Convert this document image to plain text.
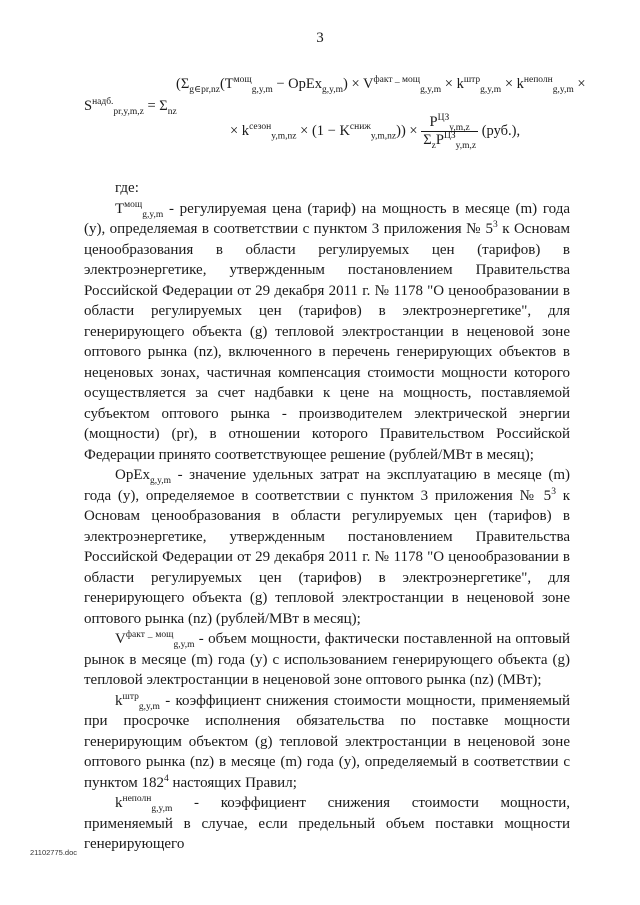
3
$S^{надб.}_{pr,y,m,z} = \Sigma_{nz}$
($\Sigma_{g\in pr,nz}(T^{мощ}_{g,y,m}$ − OpEx$_{g,y,m}$) × $V^{факт \_ мощ}_{g,y,m} \times k^{штр}_{g,y,m} \times k^{неполн}_{g,y,m}$ ×
× $k^{сезон}_{y,m,nz} \times (1 - K^{сниж}_{y,m,nz})) \times \frac{P^{ЦЗ}_{y,m,z}}{\Sigma_zP^{ЦЗ}_{y,m,z}} (руб.)$,

где:

$T^{мощ}_{g,y,m}$ - регулируемая цена (тариф) на мощность в месяце (m) года (y), определяемая в соответствии с пунктом 3 приложения № $5^3$ к Основам ценообразования в области регулируемых цен (тарифов) в электроэнергетике, утвержденным постановлением Правительства Российской Федерации от 29 декабря 2011 г. № 1178 "О ценообразовании в области регулируемых цен (тарифов) в электроэнергетике", для генерирующего объекта (g) тепловой электростанции в неценовой зоне оптового рынка (nz), включенного в перечень генерирующих объектов в неценовых зонах, частичная компенсация стоимости мощности которого осуществляется за счет надбавки к цене на мощность, поставляемой субъектом оптового рынка - производителем электрической энергии (мощности) (pr), в отношении которого Правительством Российской Федерации принято соответствующее решение (рублей/МВт в месяц);

OpEx$_{g,y,m}$ - значение удельных затрат на эксплуатацию в месяце (m) года (y), определяемое в соответствии с пунктом 3 приложения № $5^3$ к Основам ценообразования в области регулируемых цен (тарифов) в электроэнергетике, утвержденным постановлением Правительства Российской Федерации от 29 декабря 2011 г. № 1178 "О ценообразовании в области регулируемых цен (тарифов) в электроэнергетике", для генерирующего объекта (g) тепловой электростанции в неценовой зоне оптового рынка (nz) (рублей/МВт в месяц);

$V^{факт \_ мощ}_{g,y,m}$ - объем мощности, фактически поставленной на оптовый рынок в месяце (m) года (y) с использованием генерирующего объекта (g) тепловой электростанции в неценовой зоне оптового рынка (nz) (МВт);

$k^{штр}_{g,y,m}$ - коэффициент снижения стоимости мощности, применяемый при просрочке исполнения обязательства по поставке мощности генерирующим объектом (g) тепловой электростанции в неценовой зоне оптового рынка (nz) в месяце (m) года (y), определяемый в соответствии с пунктом $182^4$ настоящих Правил;

$k^{неполн}_{g,y,m}$ - коэффициент снижения стоимости мощности, применяемый в случае, если предельный объем поставки мощности генерирующего

21102775.doc
